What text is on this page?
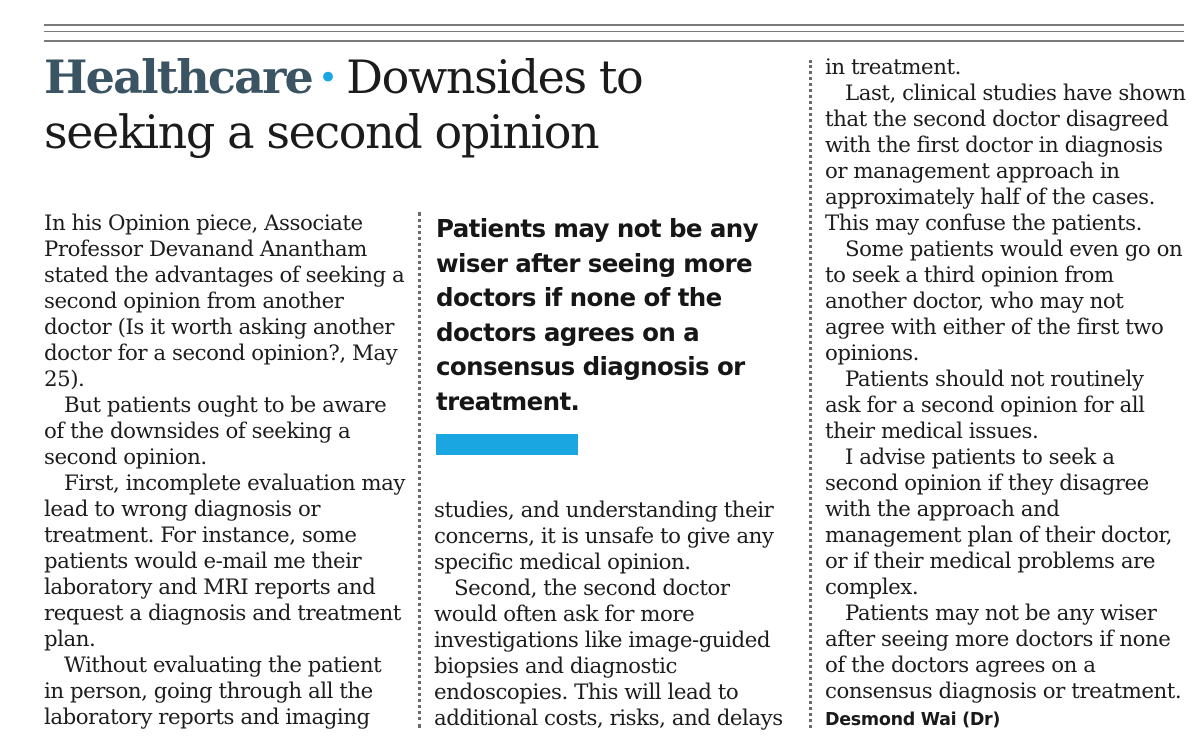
Healthcare • Downsides to
seeking a second opinion

In his Opinion piece, Associate
Professor Devanand Anantham
stated the advantages of seeking a
second opinion from another
doctor (Is it worth asking another
doctor for a second opinion?, May
25).

But patients ought to be aware
of the downsides of seeking a
second opinion.

First, incomplete evaluation may
lead to wrong diagnosis or
treatment. For instance, some
patients would e-mail me their
laboratory and MRI reports and
request a diagnosis and treatment
plan.

Without evaluating the patient
in person, going through all the
laboratory reports and imaging

Patients may not be any
wiser after seeing more
doctors if none of the
doctors agrees on a
consensus diagnosis or
treatment.

studies, and understanding their
concerns, it is unsafe to give any
specific medical opinion.

Second, the second doctor
would often ask for more
investigations like image-guided
biopsies and diagnostic
endoscopies. This will lead to
additional costs, risks, and delays

in treatment.

Last, clinical studies have shown
that the second doctor disagreed
with the first doctor in diagnosis
or management approach in
approximately half of the cases.
This may confuse the patients.

Some patients would even go on
to seek a third opinion from
another doctor, who may not
agree with either of the first two
opinions.

Patients should not routinely
ask for a second opinion for all
their medical issues.

I advise patients to seek a
second opinion if they disagree
with the approach and
management plan of their doctor,
or if their medical problems are
complex.

Patients may not be any wiser
after seeing more doctors if none
of the doctors agrees on a
consensus diagnosis or treatment.

Desmond Wai (Dr)
